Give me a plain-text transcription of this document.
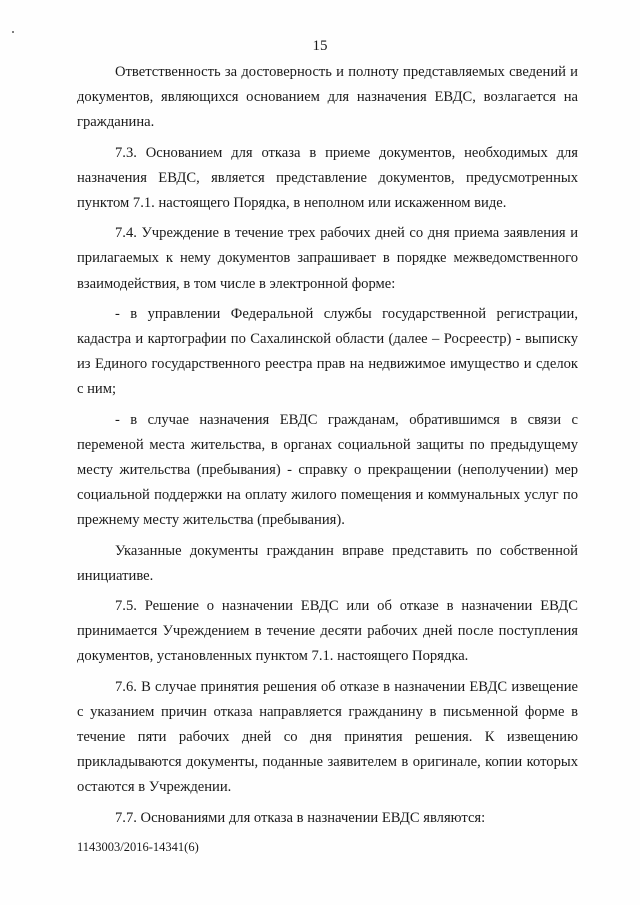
15

Ответственность за достоверность и полноту представляемых сведений и документов, являющихся основанием для назначения ЕВДС, возлагается на гражданина.

7.3. Основанием для отказа в приеме документов, необходимых для назначения ЕВДС, является представление документов, предусмотренных пунктом 7.1. настоящего Порядка, в неполном или искаженном виде.

7.4. Учреждение в течение трех рабочих дней со дня приема заявления и прилагаемых к нему документов запрашивает в порядке межведомственного взаимодействия, в том числе в электронной форме:

- в управлении Федеральной службы государственной регистрации, кадастра и картографии по Сахалинской области (далее – Росреестр) - выписку из Единого государственного реестра прав на недвижимое имущество и сделок с ним;

- в случае назначения ЕВДС гражданам, обратившимся в связи с переменой места жительства, в органах социальной защиты по предыдущему месту жительства (пребывания) - справку о прекращении (неполучении) мер социальной поддержки на оплату жилого помещения и коммунальных услуг по прежнему месту жительства (пребывания).

Указанные документы гражданин вправе представить по собственной инициативе.

7.5. Решение о назначении ЕВДС или об отказе в назначении ЕВДС принимается Учреждением в течение десяти рабочих дней после поступления документов, установленных пунктом 7.1. настоящего Порядка.

7.6. В случае принятия решения об отказе в назначении ЕВДС извещение с указанием причин отказа направляется гражданину в письменной форме в течение пяти рабочих дней со дня принятия решения. К извещению прикладываются документы, поданные заявителем в оригинале, копии которых остаются в Учреждении.

7.7. Основаниями для отказа в назначении ЕВДС являются:

1143003/2016-14341(6)
